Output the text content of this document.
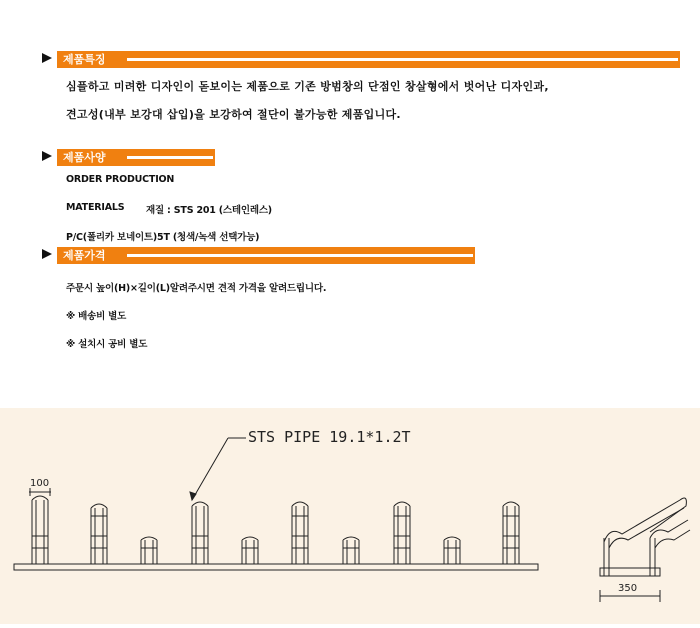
제품특징
심플하고 미려한 디자인이 돋보이는 제품으로 기존 방범창의 단점인 창살형에서 벗어난 디자인과,
견고성(내부 보강대 삽입)을 보강하여 절단이 불가능한 제품입니다.
제품사양
ORDER PRODUCTION
MATERIALS 재질 : STS 201 (스테인레스)
P/C(폴리카 보네이트)5T (청색/녹색 선택가능)
제품가격
주문시 높이(H)×길이(L)알려주시면 견적 가격을 알려드립니다.
※ 배송비 별도
※ 설치시 공비 별도
STS PIPE 19.1*1.2T
100
350
